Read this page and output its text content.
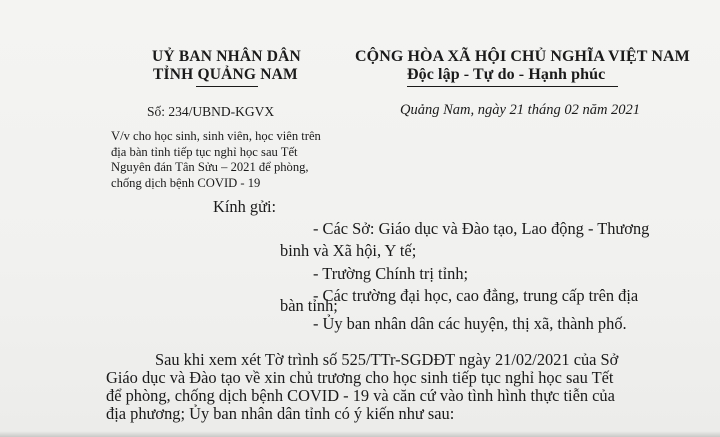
UỶ BAN NHÂN DÂN
TỈNH QUẢNG NAM
CỘNG HÒA XÃ HỘI CHỦ NGHĨA VIỆT NAM
Độc lập - Tự do - Hạnh phúc
Số: 234/UBND-KGVX	Quảng Nam, ngày 21 tháng 02 năm 2021
V/v cho học sinh, sinh viên, học viên trên
địa bàn tỉnh tiếp tục nghỉ học sau Tết
Nguyên đán Tân Sửu – 2021 để phòng,
chống dịch bệnh COVID - 19
Kính gửi:
- Các Sở: Giáo dục và Đào tạo, Lao động - Thương
binh và Xã hội, Y tế;
- Trường Chính trị tỉnh;
- Các trường đại học, cao đẳng, trung cấp trên địa
bàn tỉnh;
- Ủy ban nhân dân các huyện, thị xã, thành phố.
Sau khi xem xét Tờ trình số 525/TTr-SGDĐT ngày 21/02/2021 của Sở
Giáo dục và Đào tạo về xin chủ trương cho học sinh tiếp tục nghỉ học sau Tết
để phòng, chống dịch bệnh COVID - 19 và căn cứ vào tình hình thực tiễn của
địa phương; Ủy ban nhân dân tỉnh có ý kiến như sau:
